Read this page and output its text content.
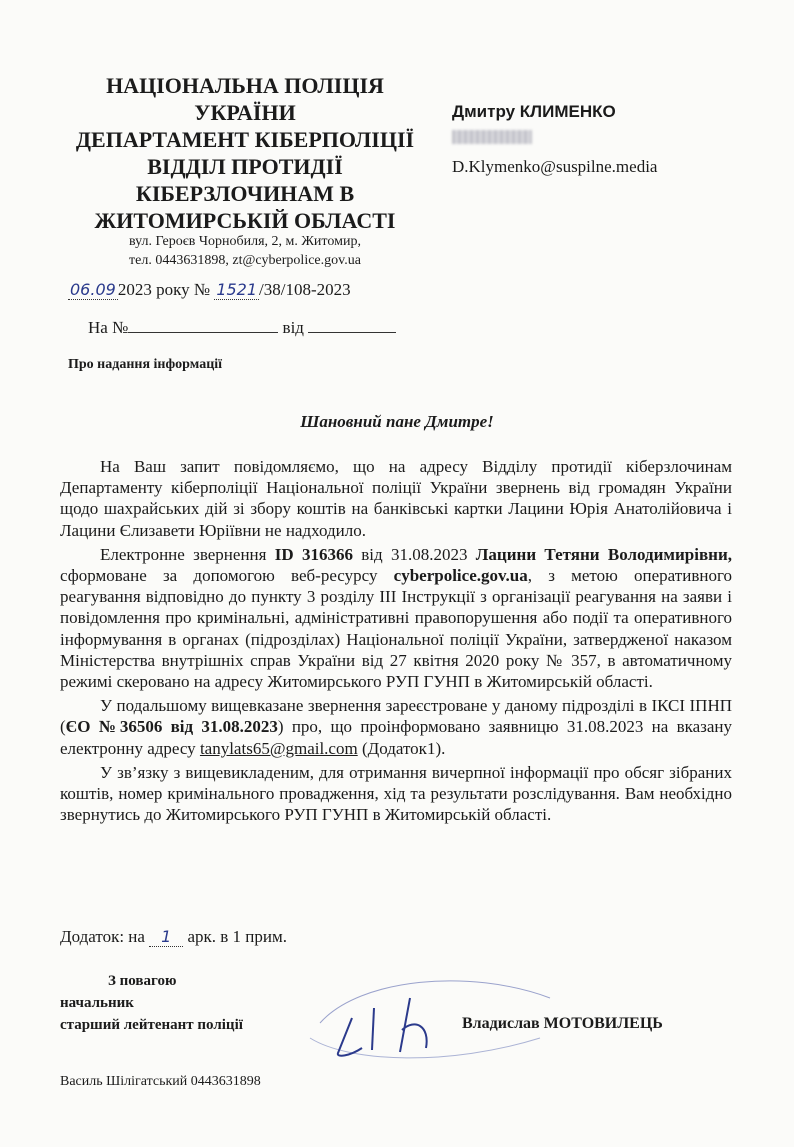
НАЦІОНАЛЬНА ПОЛІЦІЯ
УКРАЇНИ
ДЕПАРТАМЕНТ КІБЕРПОЛІЦІЇ
ВІДДІЛ ПРОТИДІЇ
КІБЕРЗЛОЧИНАМ В
ЖИТОМИРСЬКІЙ ОБЛАСТІ
вул. Героєв Чорнобиля, 2, м. Житомир,
тел. 0443631898, zt@cyberpolice.gov.ua
Дмитру КЛИМЕНКО
D.Klymenko@suspilne.media
06.09 2023 року № 1521 /38/108-2023
На №	від
Про надання інформації
Шановний пане Дмитре!

На Ваш запит повідомляємо, що на адресу Відділу протидії кіберзлочинам Департаменту кіберполіції Національної поліції України звернень від громадян України щодо шахрайських дій зі збору коштів на банківські картки Лацини Юрія Анатолійовича і Лацини Єлизавети Юріївни не надходило.

Електронне звернення ID 316366 від 31.08.2023 Лацини Тетяни Володимирівни, сформоване за допомогою веб-ресурсу cyberpolice.gov.ua, з метою оперативного реагування відповідно до пункту 3 розділу ІІІ Інструкції з організації реагування на заяви і повідомлення про кримінальні, адміністративні правопорушення або події та оперативного інформування в органах (підрозділах) Національної поліції України, затвердженої наказом Міністерства внутрішніх справ України від 27 квітня 2020 року № 357, в автоматичному режимі скеровано на адресу Житомирського РУП ГУНП в Житомирській області.

У подальшому вищевказане звернення зареєстроване у даному підрозділі в ІКСІ ІПНП (ЄО №36506 від 31.08.2023) про, що проінформовано заявницю 31.08.2023 на вказану електронну адресу tanylats65@gmail.com (Додаток1).

У зв’язку з вищевикладеним, для отримання вичерпної інформації про обсяг зібраних коштів, номер кримінального провадження, хід та результати розслідування. Вам необхідно звернутись до Житомирського РУП ГУНП в Житомирській області.

Додаток: на 1 арк. в 1 прим.
З повагою
начальник
старший лейтенант поліції	Владислав МОТОВИЛЕЦЬ
Василь Шілігатський 0443631898
